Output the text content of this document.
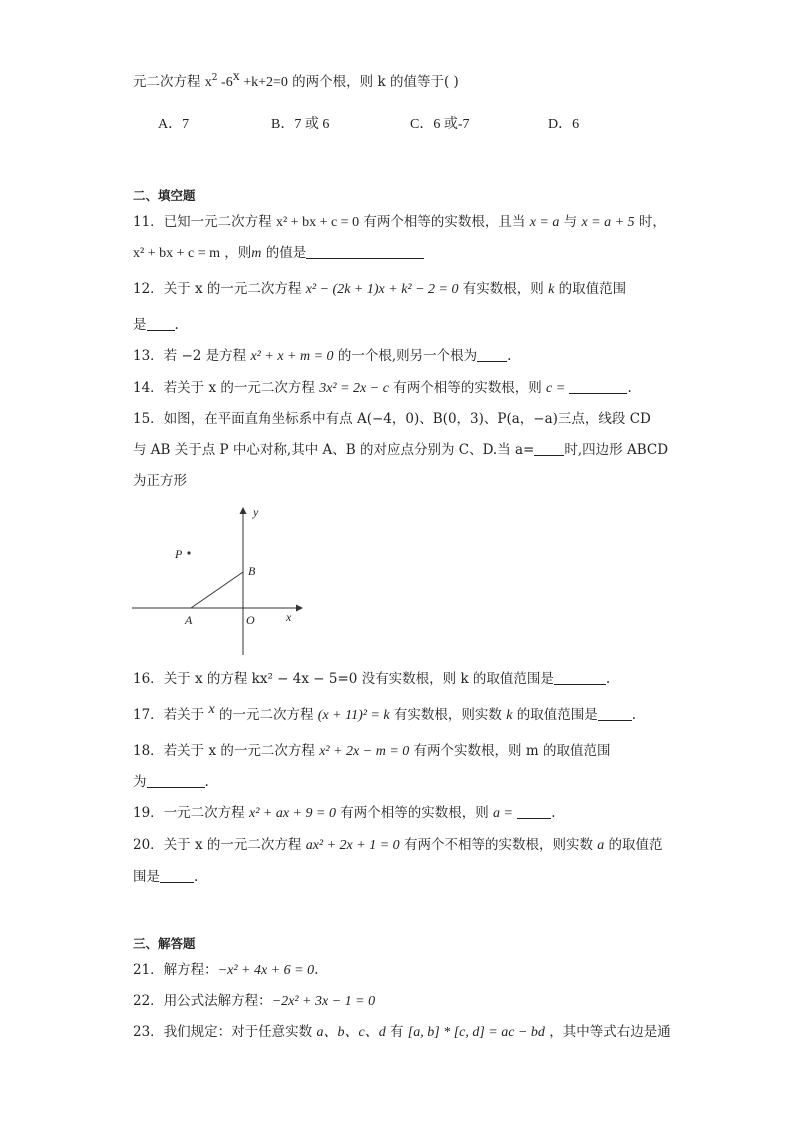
元二次方程 $x^2$ $-6^x +k+2=0$ 的两个根，则 k 的值等于( )
A．7	B．7 或 6	C．6 或-7	D．6
二、填空题
11．已知一元二次方程 x² + bx + c = 0 有两个相等的实数根，且当 x = a 与 x = a + 5 时，
x² + bx + c = m ，则m 的值是
12．关于 x 的一元二次方程 x² − (2k + 1)x + k² − 2 = 0 有实数根，则 k 的取值范围
是 .
13．若 −2 是方程 x² + x + m = 0 的一个根,则另一个根为 .
14．若关于 x 的一元二次方程 3x² = 2x − c 有两个相等的实数根，则 c =	.
15．如图，在平面直角坐标系中有点 A(−4，0)、B(0，3)、P(a，−a)三点，线段 CD
与 AB 关于点 P 中心对称,其中 A、B 的对应点分别为 C、D.当 a= 时,四边形 ABCD
为正方形
y
x
P
B
A	O
16．关于 x 的方程 kx² − 4x − 5=0 没有实数根，则 k 的取值范围是	.
17．若关于 $^x$ 的一元二次方程 (x + 11)² = k 有实数根，则实数 k 的取值范围是	.
18．若关于 x 的一元二次方程 x² + 2x − m = 0 有两个实数根，则 m 的取值范围
为	.
19．一元二次方程 x² + ax + 9 = 0 有两个相等的实数根，则 a =	.
20．关于 x 的一元二次方程 ax² + 2x + 1 = 0 有两个不相等的实数根，则实数 a 的取值范
围是	.
三、解答题
21．解方程：−x² + 4x + 6 = 0.
22．用公式法解方程：−2x² + 3x − 1 = 0
23．我们规定：对于任意实数 a、b、c、d 有 [a, b] * [c, d] = ac − bd ，其中等式右边是通
